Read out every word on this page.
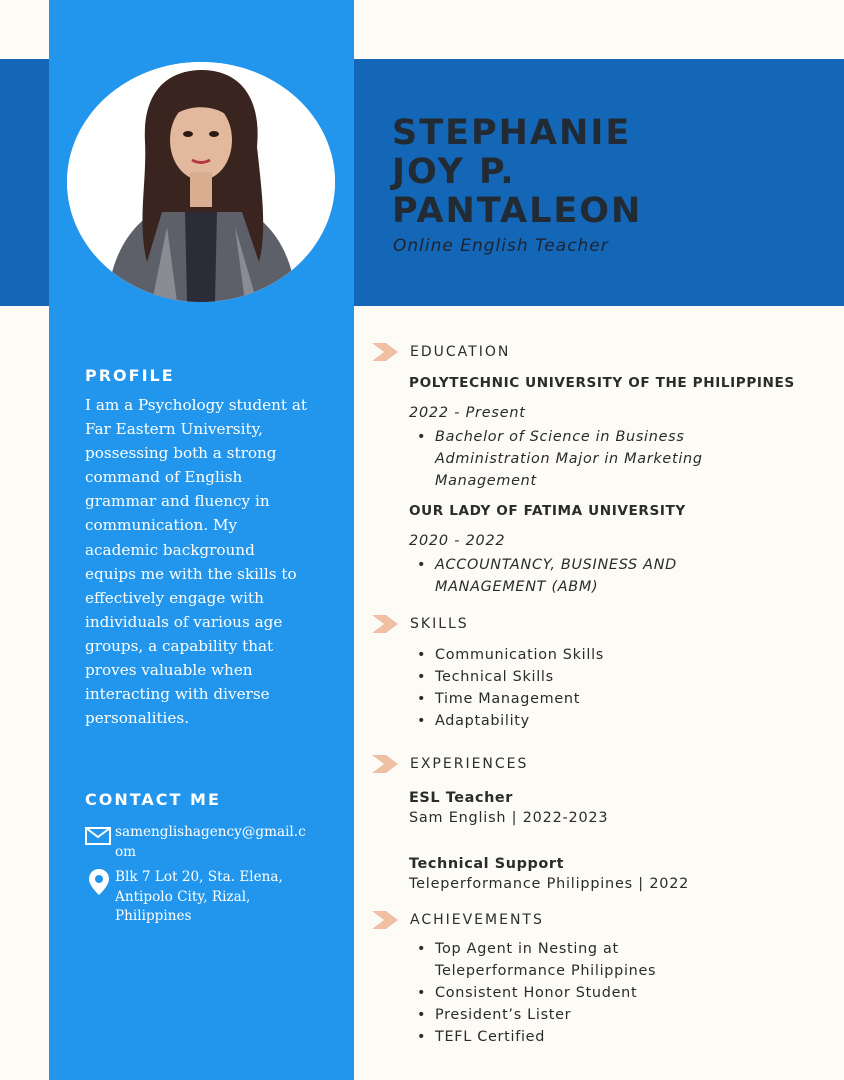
STEPHANIE
JOY P.
PANTALEON
Online English Teacher
PROFILE
I am a Psychology student at Far Eastern University, possessing both a strong command of English grammar and fluency in communication. My academic background equips me with the skills to effectively engage with individuals of various age groups, a capability that proves valuable when interacting with diverse personalities.
CONTACT ME
samenglishagency@gmail.com
Blk 7 Lot 20, Sta. Elena, Antipolo City, Rizal, Philippines
EDUCATION
POLYTECHNIC UNIVERSITY OF THE PHILIPPINES
2022 - Present
• Bachelor of Science in Business Administration Major in Marketing Management
OUR LADY OF FATIMA UNIVERSITY
2020 - 2022
• ACCOUNTANCY, BUSINESS AND MANAGEMENT (ABM)
SKILLS
• Communication Skills
• Technical Skills
• Time Management
• Adaptability
EXPERIENCES
ESL Teacher
Sam English | 2022-2023
Technical Support
Teleperformance Philippines | 2022
ACHIEVEMENTS
• Top Agent in Nesting at Teleperformance Philippines
• Consistent Honor Student
• President’s Lister
• TEFL Certified
